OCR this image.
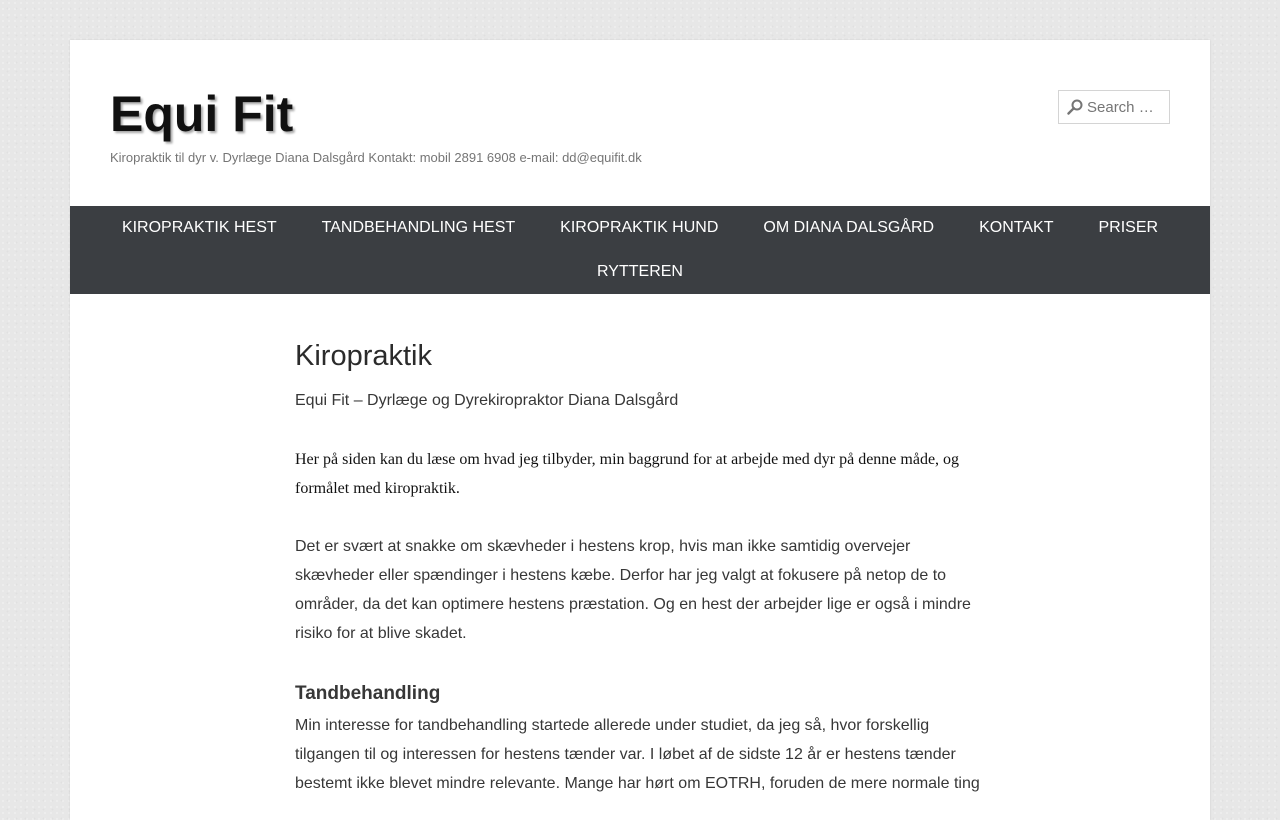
Equi Fit

Kiropraktik til dyr v. Dyrlæge Diana Dalsgård Kontakt: mobil 2891 6908 e-mail: dd@equifit.dk

Search …
KIROPRAKTIK HEST	TANDBEHANDLING HEST	KIROPRAKTIK HUND	OM DIANA DALSGÅRD	KONTAKT	PRISER
RYTTEREN
Kiropraktik

Equi Fit – Dyrlæge og Dyrekiropraktor Diana Dalsgård

Her på siden kan du læse om hvad jeg tilbyder, min baggrund for at arbejde med dyr på denne måde, og formålet med kiropraktik.

Det er svært at snakke om skævheder i hestens krop, hvis man ikke samtidig overvejer skævheder eller spændinger i hestens kæbe. Derfor har jeg valgt at fokusere på netop de to områder, da det kan optimere hestens præstation. Og en hest der arbejder lige er også i mindre risiko for at blive skadet.

Tandbehandling

Min interesse for tandbehandling startede allerede under studiet, da jeg så, hvor forskellig tilgangen til og interessen for hestens tænder var. I løbet af de sidste 12 år er hestens tænder bestemt ikke blevet mindre relevante. Mange har hørt om EOTRH, foruden de mere normale ting
